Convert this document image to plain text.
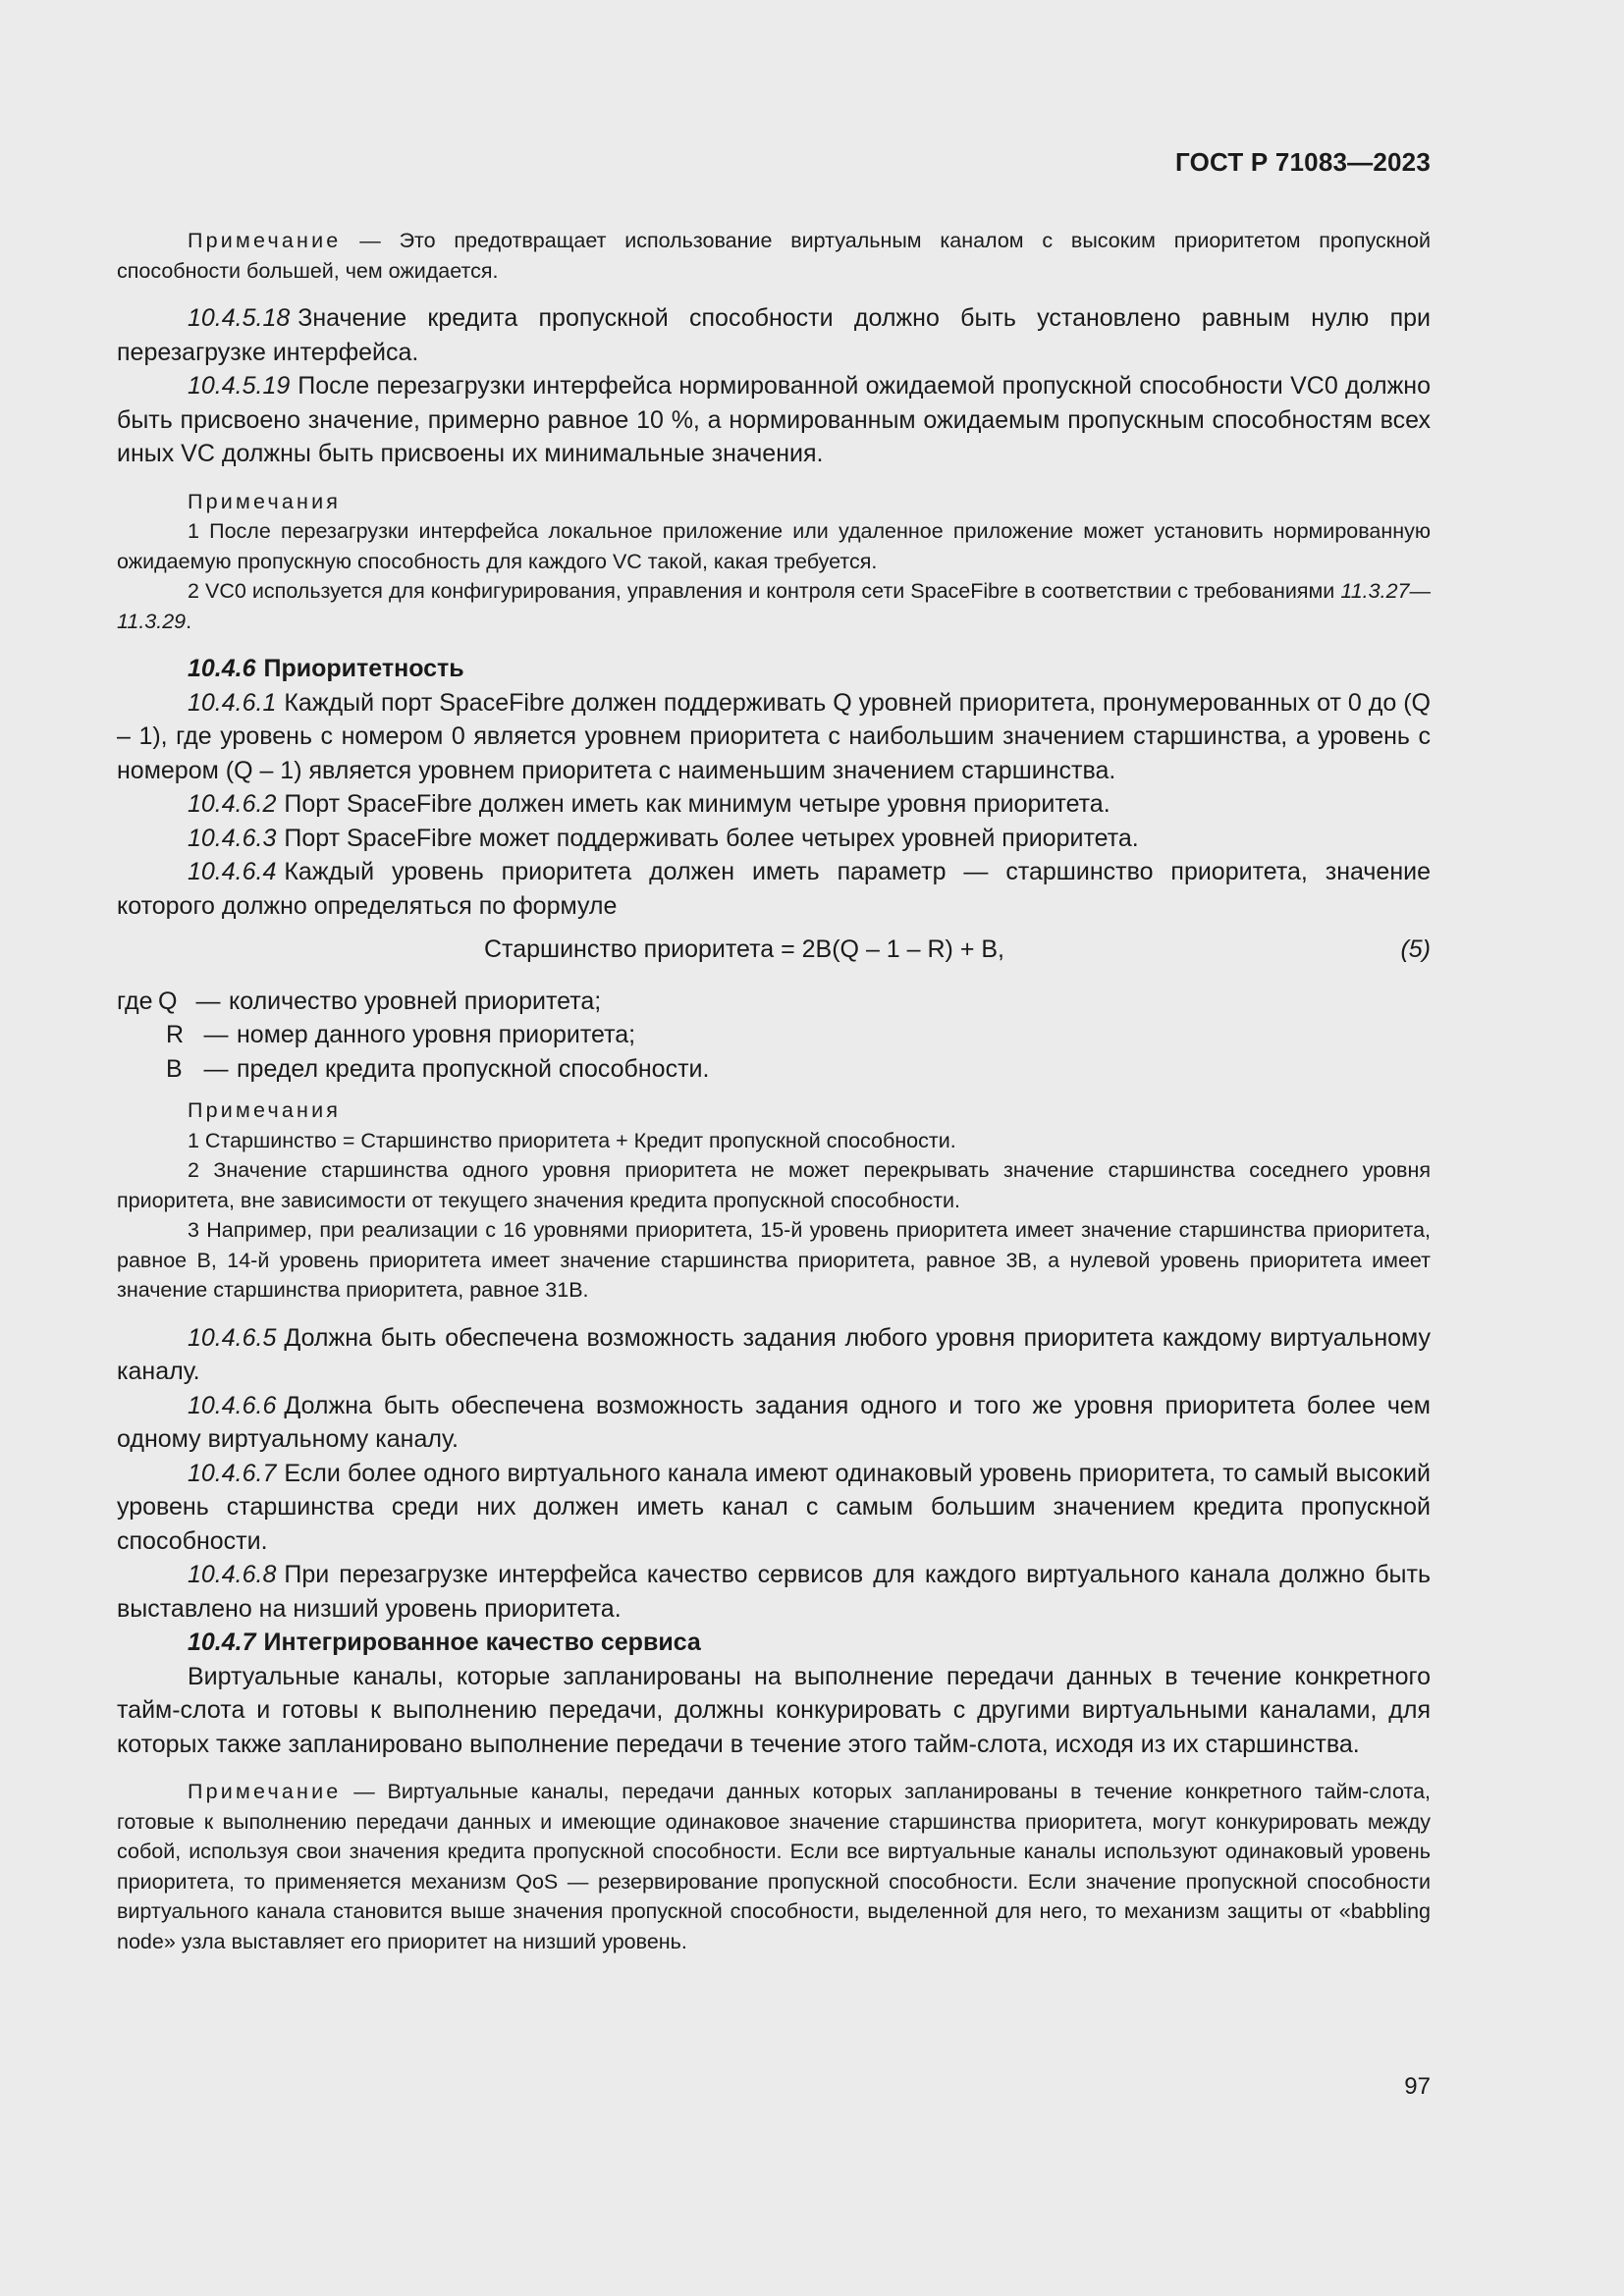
ГОСТ Р 71083—2023

Примечание — Это предотвращает использование виртуальным каналом с высоким приоритетом пропускной способности большей, чем ожидается.

10.4.5.18 Значение кредита пропускной способности должно быть установлено равным нулю при перезагрузке интерфейса.

10.4.5.19 После перезагрузки интерфейса нормированной ожидаемой пропускной способности VC0 должно быть присвоено значение, примерно равное 10 %, а нормированным ожидаемым пропускным способностям всех иных VC должны быть присвоены их минимальные значения.

Примечания

1 После перезагрузки интерфейса локальное приложение или удаленное приложение может установить нормированную ожидаемую пропускную способность для каждого VC такой, какая требуется.

2 VC0 используется для конфигурирования, управления и контроля сети SpaceFibre в соответствии с требованиями 11.3.27—11.3.29.

10.4.6 Приоритетность

10.4.6.1 Каждый порт SpaceFibre должен поддерживать Q уровней приоритета, пронумерованных от 0 до (Q – 1), где уровень с номером 0 является уровнем приоритета с наибольшим значением старшинства, а уровень с номером (Q – 1) является уровнем приоритета с наименьшим значением старшинства.

10.4.6.2 Порт SpaceFibre должен иметь как минимум четыре уровня приоритета.

10.4.6.3 Порт SpaceFibre может поддерживать более четырех уровней приоритета.

10.4.6.4 Каждый уровень приоритета должен иметь параметр — старшинство приоритета, значение которого должно определяться по формуле

Старшинство приоритета = 2B(Q – 1 – R) + B,	(5)
где Q — количество уровней приоритета;
R — номер данного уровня приоритета;
B — предел кредита пропускной способности.

Примечания

1 Старшинство = Старшинство приоритета + Кредит пропускной способности.

2 Значение старшинства одного уровня приоритета не может перекрывать значение старшинства соседнего уровня приоритета, вне зависимости от текущего значения кредита пропускной способности.

3 Например, при реализации с 16 уровнями приоритета, 15-й уровень приоритета имеет значение старшинства приоритета, равное B, 14-й уровень приоритета имеет значение старшинства приоритета, равное 3B, а нулевой уровень приоритета имеет значение старшинства приоритета, равное 31B.

10.4.6.5 Должна быть обеспечена возможность задания любого уровня приоритета каждому виртуальному каналу.

10.4.6.6 Должна быть обеспечена возможность задания одного и того же уровня приоритета более чем одному виртуальному каналу.

10.4.6.7 Если более одного виртуального канала имеют одинаковый уровень приоритета, то самый высокий уровень старшинства среди них должен иметь канал с самым большим значением кредита пропускной способности.

10.4.6.8 При перезагрузке интерфейса качество сервисов для каждого виртуального канала должно быть выставлено на низший уровень приоритета.

10.4.7 Интегрированное качество сервиса

Виртуальные каналы, которые запланированы на выполнение передачи данных в течение конкретного тайм-слота и готовы к выполнению передачи, должны конкурировать с другими виртуальными каналами, для которых также запланировано выполнение передачи в течение этого тайм-слота, исходя из их старшинства.

Примечание — Виртуальные каналы, передачи данных которых запланированы в течение конкретного тайм-слота, готовые к выполнению передачи данных и имеющие одинаковое значение старшинства приоритета, могут конкурировать между собой, используя свои значения кредита пропускной способности. Если все виртуальные каналы используют одинаковый уровень приоритета, то применяется механизм QoS — резервирование пропускной способности. Если значение пропускной способности виртуального канала становится выше значения пропускной способности, выделенной для него, то механизм защиты от «babbling node» узла выставляет его приоритет на низший уровень.

97
